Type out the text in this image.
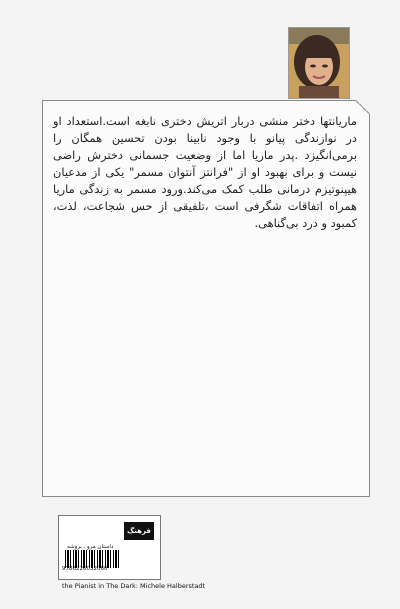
ماریانتها دختر منشی دربار اتریش دختری نابغه است.استعداد او در نوازندگی پیانو با وجود نابینا بودن تحسین همگان را برمی‌انگیزد .پدر ماریا اما از وضعیت جسمانی دخترش راضی نیست و برای بهبود او از "فرانتز آنتوان مسمر" یکی از مدعیان هیپنوتیزم درمانی طلب کمک می‌کند.ورود مسمر به زندگی ماریا همراه اتفاقات شگرفی است ،تلفیقی از حس شجاعت، لذت، کمبود و درد بی‌گناهی.
فرهنگ
داستان مرو . بروشه
9786226032080
the Pianist in The Dark: Michele Halberstadt
